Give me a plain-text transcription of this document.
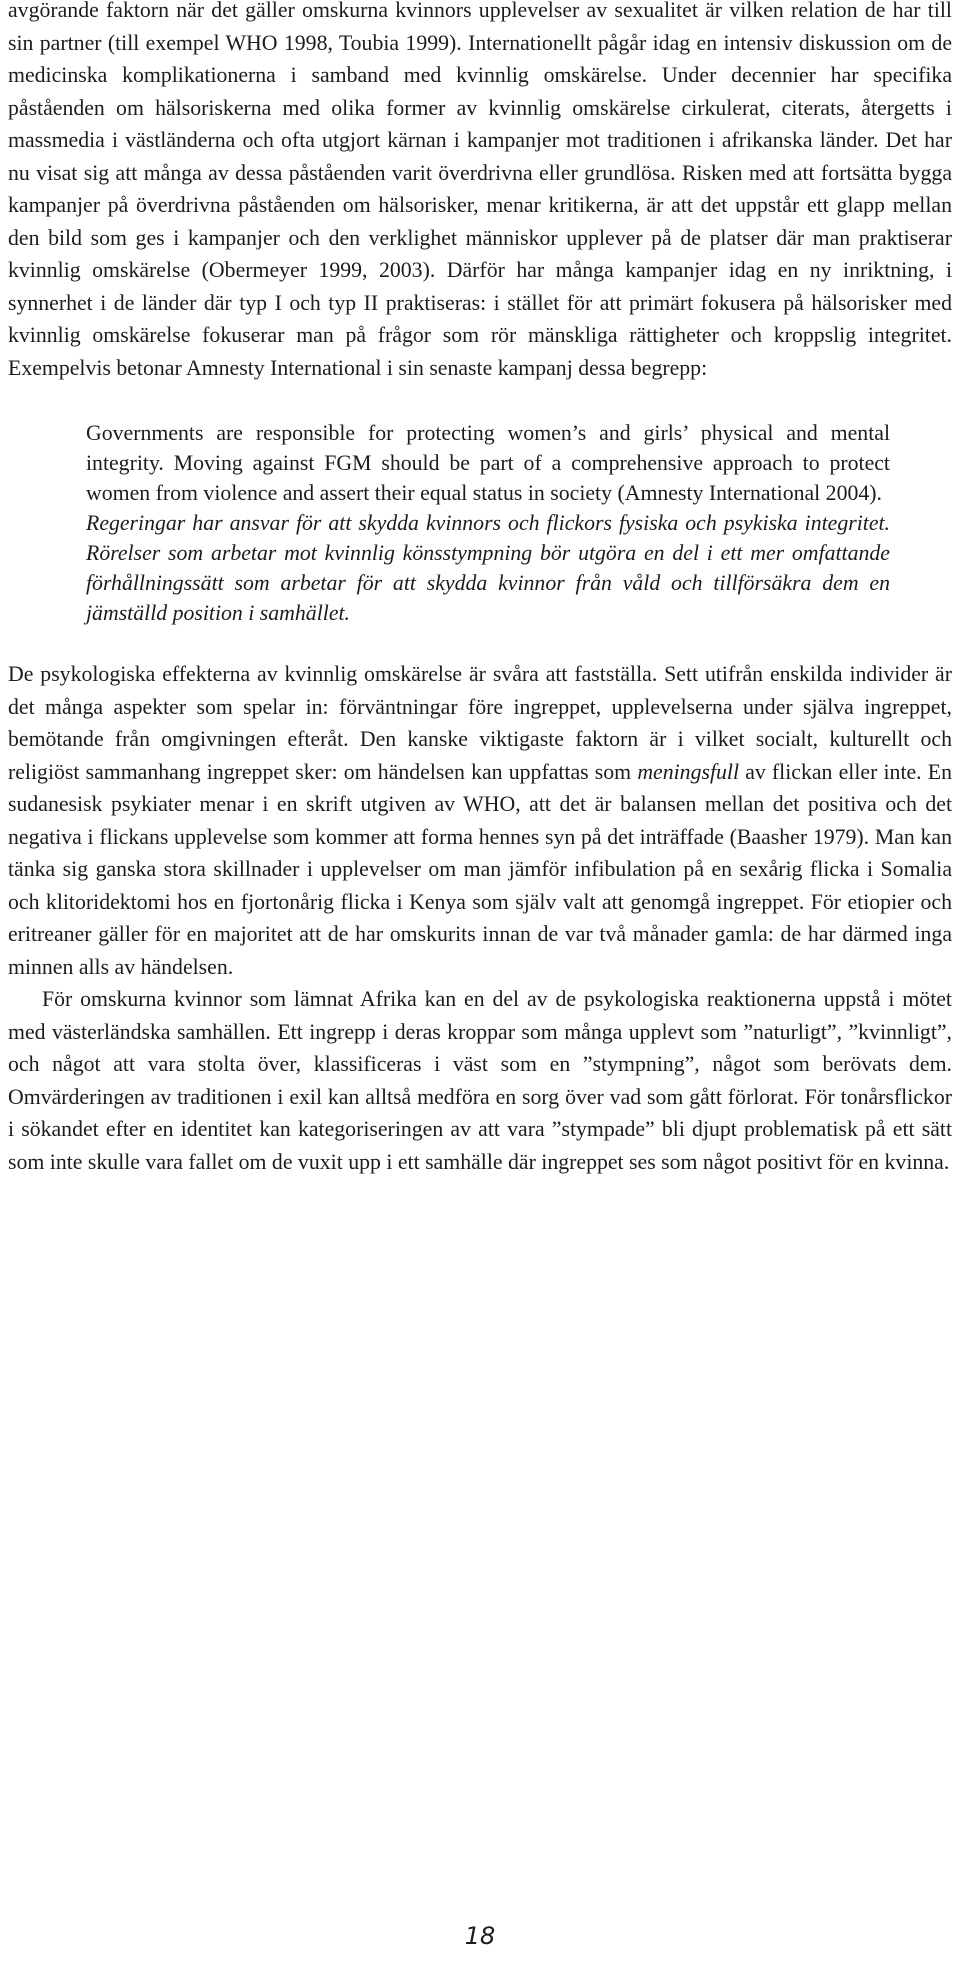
avgörande faktorn när det gäller omskurna kvinnors upplevelser av sexualitet är vilken relation de har till sin partner (till exempel WHO 1998, Toubia 1999). Internationellt pågår idag en intensiv diskussion om de medicinska komplikationerna i samband med kvinnlig omskärelse. Under decennier har specifika påståenden om hälsoriskerna med olika former av kvinnlig omskärelse cirkulerat, citerats, återgetts i massmedia i västländerna och ofta utgjort kärnan i kampanjer mot traditionen i afrikanska länder. Det har nu visat sig att många av dessa påståenden varit överdrivna eller grundlösa. Risken med att fortsätta bygga kampanjer på överdrivna påståenden om hälsorisker, menar kritikerna, är att det uppstår ett glapp mellan den bild som ges i kampanjer och den verklighet människor upplever på de platser där man praktiserar kvinnlig omskärelse (Obermeyer 1999, 2003). Därför har många kampanjer idag en ny inriktning, i synnerhet i de länder där typ I och typ II praktiseras: i stället för att primärt fokusera på hälsorisker med kvinnlig omskärelse fokuserar man på frågor som rör mänskliga rättigheter och kroppslig integritet. Exempelvis betonar Amnesty International i sin senaste kampanj dessa begrepp:

Governments are responsible for protecting women’s and girls’ physical and mental integrity. Moving against FGM should be part of a comprehensive approach to protect women from violence and assert their equal status in society (Amnesty International 2004).

Regeringar har ansvar för att skydda kvinnors och flickors fysiska och psykiska integritet. Rörelser som arbetar mot kvinnlig könsstympning bör utgöra en del i ett mer omfattande förhållningssätt som arbetar för att skydda kvinnor från våld och tillförsäkra dem en jämställd position i samhället.

De psykologiska effekterna av kvinnlig omskärelse är svåra att fastställa. Sett utifrån enskilda individer är det många aspekter som spelar in: förväntningar före ingreppet, upplevelserna under själva ingreppet, bemötande från omgivningen efteråt. Den kanske viktigaste faktorn är i vilket socialt, kulturellt och religiöst sammanhang ingreppet sker: om händelsen kan uppfattas som meningsfull av flickan eller inte. En sudanesisk psykiater menar i en skrift utgiven av WHO, att det är balansen mellan det positiva och det negativa i flickans upplevelse som kommer att forma hennes syn på det inträffade (Baasher 1979). Man kan tänka sig ganska stora skillnader i upplevelser om man jämför infibulation på en sexårig flicka i Somalia och klitoridektomi hos en fjortonårig flicka i Kenya som själv valt att genomgå ingreppet. För etiopier och eritreaner gäller för en majoritet att de har omskurits innan de var två månader gamla: de har därmed inga minnen alls av händelsen.

För omskurna kvinnor som lämnat Afrika kan en del av de psykologiska reaktionerna uppstå i mötet med västerländska samhällen. Ett ingrepp i deras kroppar som många upplevt som ”naturligt”, ”kvinnligt”, och något att vara stolta över, klassificeras i väst som en ”stympning”, något som berövats dem. Omvärderingen av traditionen i exil kan alltså medföra en sorg över vad som gått förlorat. För tonårsflickor i sökandet efter en identitet kan kategoriseringen av att vara ”stympade” bli djupt problematisk på ett sätt som inte skulle vara fallet om de vuxit upp i ett samhälle där ingreppet ses som något positivt för en kvinna.

18
